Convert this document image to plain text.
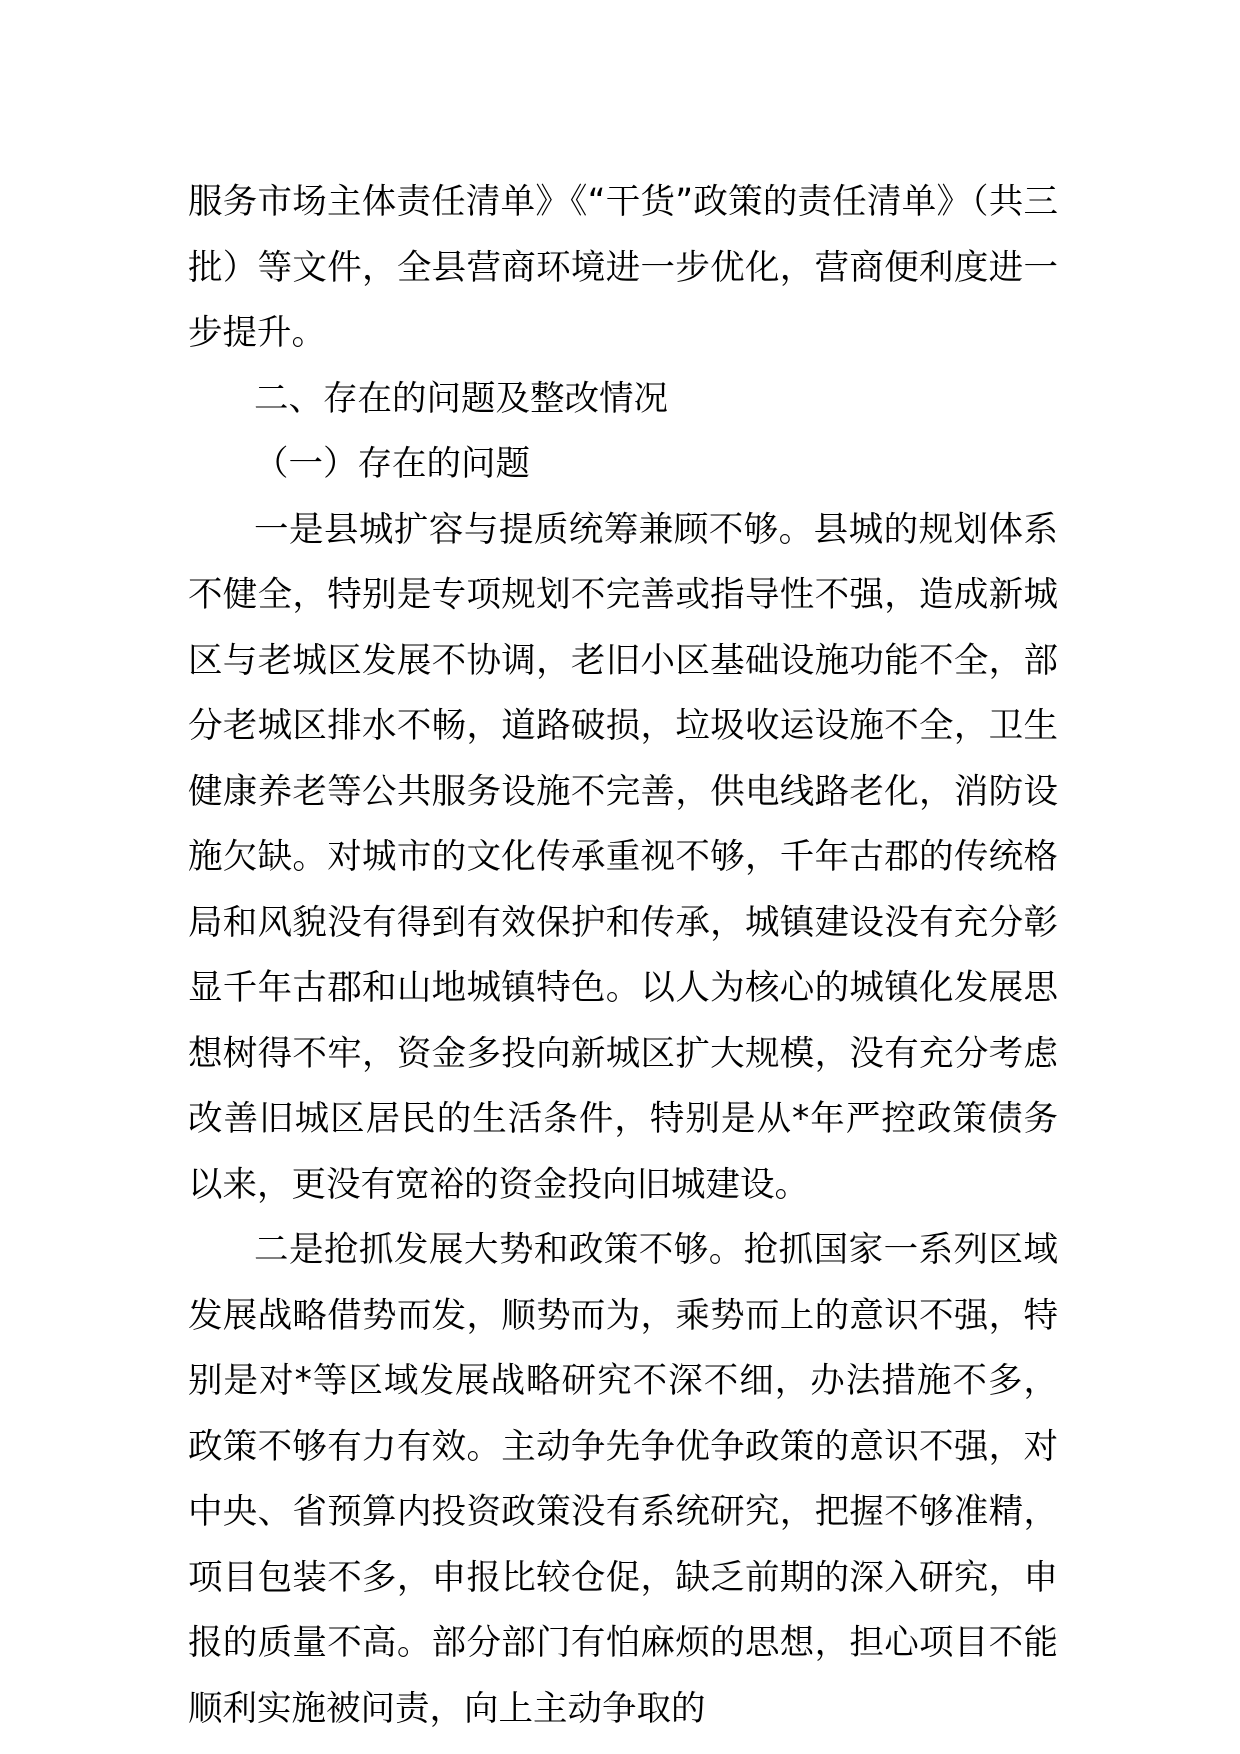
服务市场主体责任清单》《“干货”政策的责任清单》（共三批）等文件，全县营商环境进一步优化，营商便利度进一步提升。

二、存在的问题及整改情况

（一）存在的问题

一是县城扩容与提质统筹兼顾不够。县城的规划体系不健全，特别是专项规划不完善或指导性不强，造成新城区与老城区发展不协调，老旧小区基础设施功能不全，部分老城区排水不畅，道路破损，垃圾收运设施不全，卫生健康养老等公共服务设施不完善，供电线路老化，消防设施欠缺。对城市的文化传承重视不够，千年古郡的传统格局和风貌没有得到有效保护和传承，城镇建设没有充分彰显千年古郡和山地城镇特色。以人为核心的城镇化发展思想树得不牢，资金多投向新城区扩大规模，没有充分考虑改善旧城区居民的生活条件，特别是从*年严控政策债务以来，更没有宽裕的资金投向旧城建设。

二是抢抓发展大势和政策不够。抢抓国家一系列区域发展战略借势而发，顺势而为，乘势而上的意识不强，特别是对*等区域发展战略研究不深不细，办法措施不多，政策不够有力有效。主动争先争优争政策的意识不强，对中央、省预算内投资政策没有系统研究，把握不够准精，项目包装不多，申报比较仓促，缺乏前期的深入研究，申报的质量不高。部分部门有怕麻烦的思想，担心项目不能顺利实施被问责，向上主动争取的
